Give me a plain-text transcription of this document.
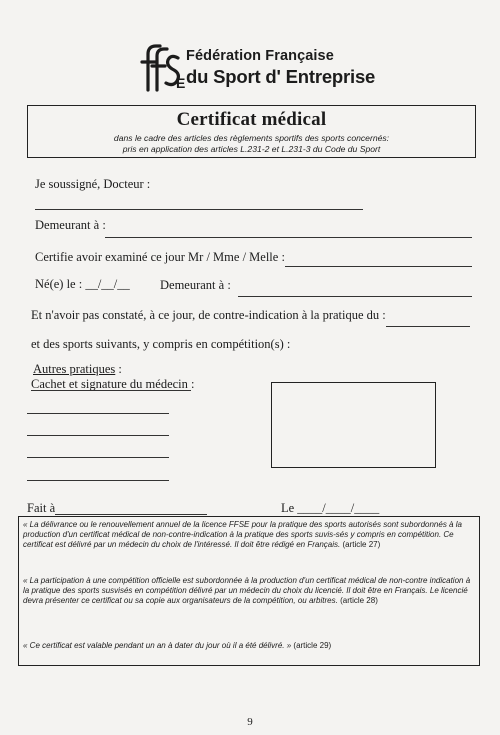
E
Fédération Française
du Sport d' Entreprise
Certificat médical
dans le cadre des articles des règlements sportifs des sports concernés:
pris en application des articles L.231-2 et L.231-3 du Code du Sport
Je soussigné, Docteur :
Demeurant à :
Certifie avoir examiné ce jour Mr / Mme / Melle :
Né(e) le : __/__/__ Demeurant à :
Et n'avoir pas constaté, à ce jour, de contre-indication à la pratique du :
et des sports suivants, y compris en compétition(s) :
Autres pratiques :
Cachet et signature du médecin :
Fait à	Le ____/____/____
« La délivrance ou le renouvellement annuel de la licence FFSE pour la pratique des sports autorisés sont subordonnés à la production d'un certificat médical de non-contre-indication à la pratique des sports suvis-sés y compris en compétition. Ce certificat est délivré par un médecin du choix de l'intéressé. Il doit être rédigé en Français. (article 27)
« La participation à une compétition officielle est subordonnée à la production d'un certificat médical de non-contre indication à la pratique des sports susvisés en compétition délivré par un médecin du choix du licencié. Il doit être en Français. Le licencié devra présenter ce certificat ou sa copie aux organisateurs de la compétition, ou arbitres. (article 28)
« Ce certificat est valable pendant un an à dater du jour où il a été délivré. » (article 29)
9
